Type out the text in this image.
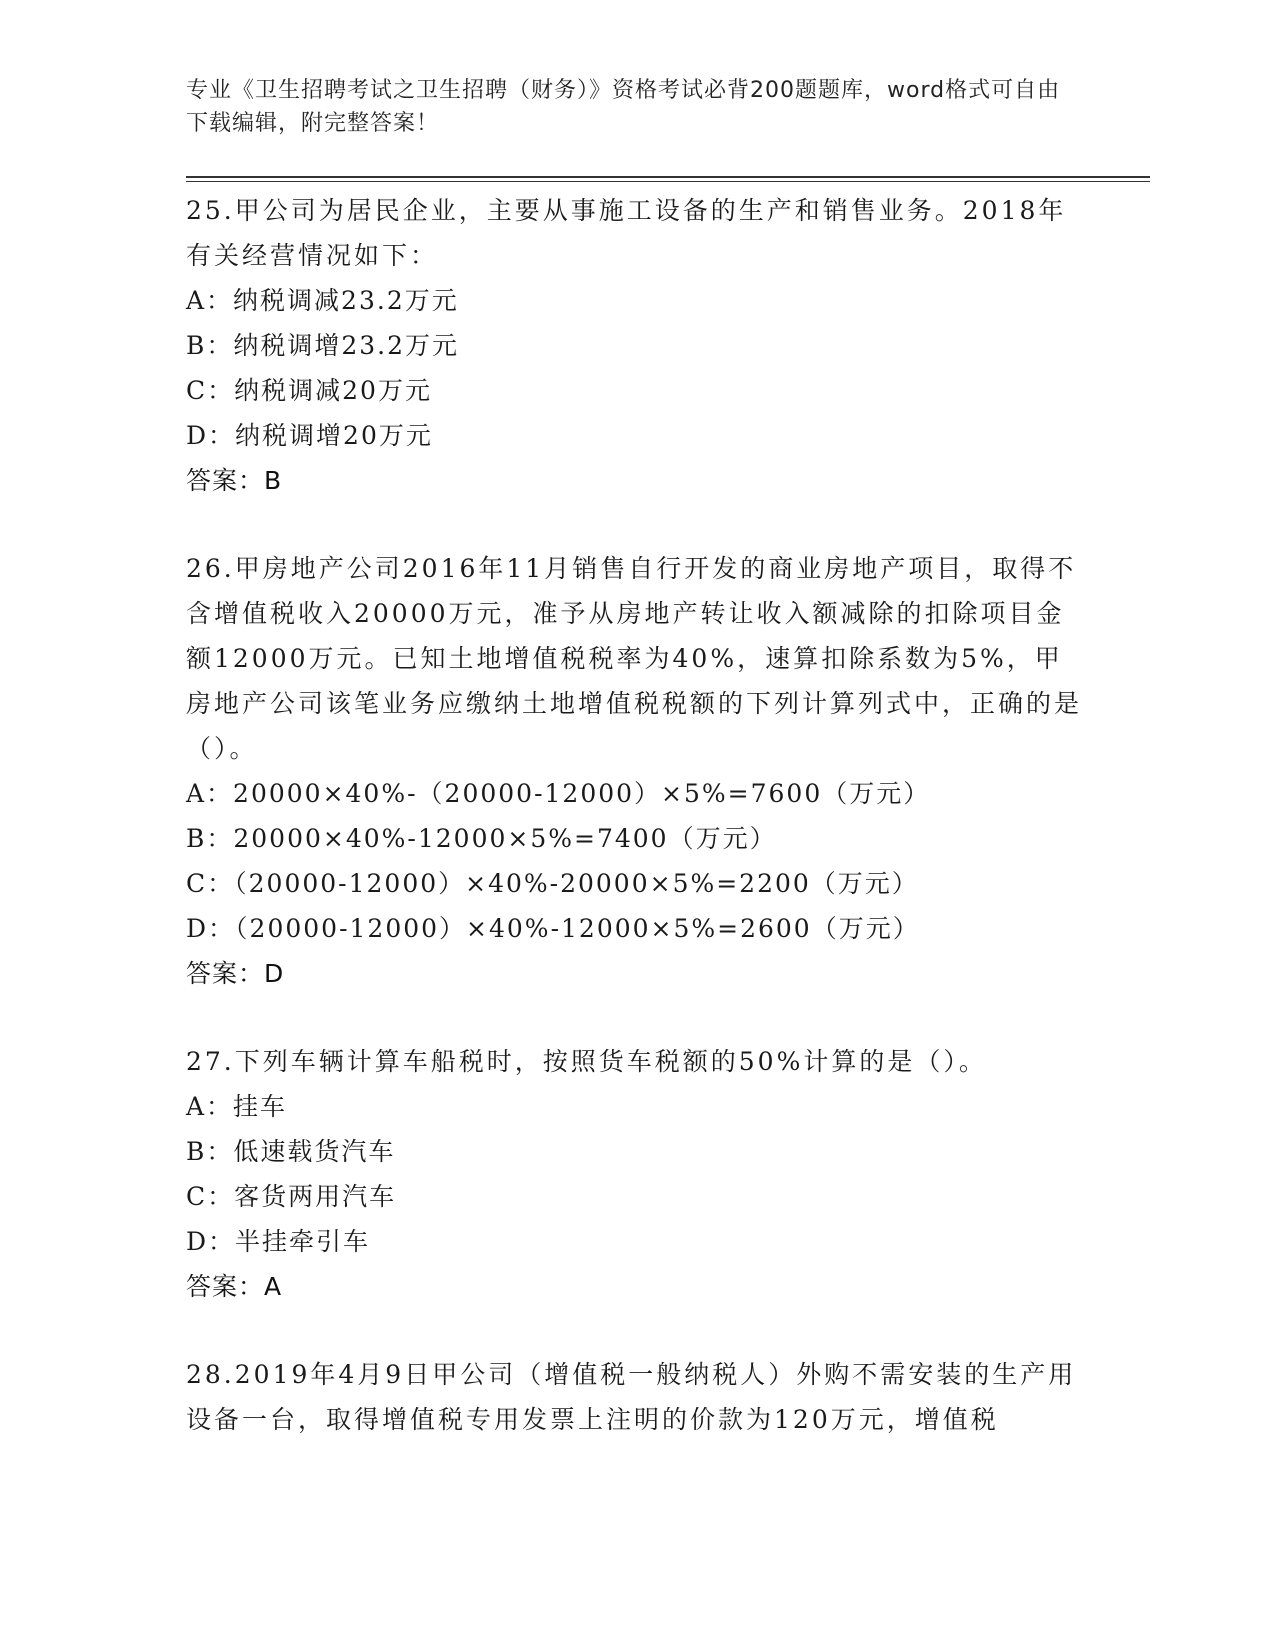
专业《卫生招聘考试之卫生招聘（财务）》资格考试必背200题题库，word格式可自由下载编辑，附完整答案！

25.甲公司为居民企业，主要从事施工设备的生产和销售业务。2018年有关经营情况如下：

A：纳税调减23.2万元

B：纳税调增23.2万元

C：纳税调减20万元

D：纳税调增20万元

答案：B

26.甲房地产公司2016年11月销售自行开发的商业房地产项目，取得不含增值税收入20000万元，准予从房地产转让收入额减除的扣除项目金额12000万元。已知土地增值税税率为40%，速算扣除系数为5%，甲房地产公司该笔业务应缴纳土地增值税税额的下列计算列式中，正确的是（）。

A：20000×40%-（20000-12000）×5%=7600（万元）

B：20000×40%-12000×5%=7400（万元）

C：（20000-12000）×40%-20000×5%=2200（万元）

D：（20000-12000）×40%-12000×5%=2600（万元）

答案：D

27.下列车辆计算车船税时，按照货车税额的50%计算的是（）。

A：挂车

B：低速载货汽车

C：客货两用汽车

D：半挂牵引车

答案：A

28.2019年4月9日甲公司（增值税一般纳税人）外购不需安装的生产用设备一台，取得增值税专用发票上注明的价款为120万元，增值税
